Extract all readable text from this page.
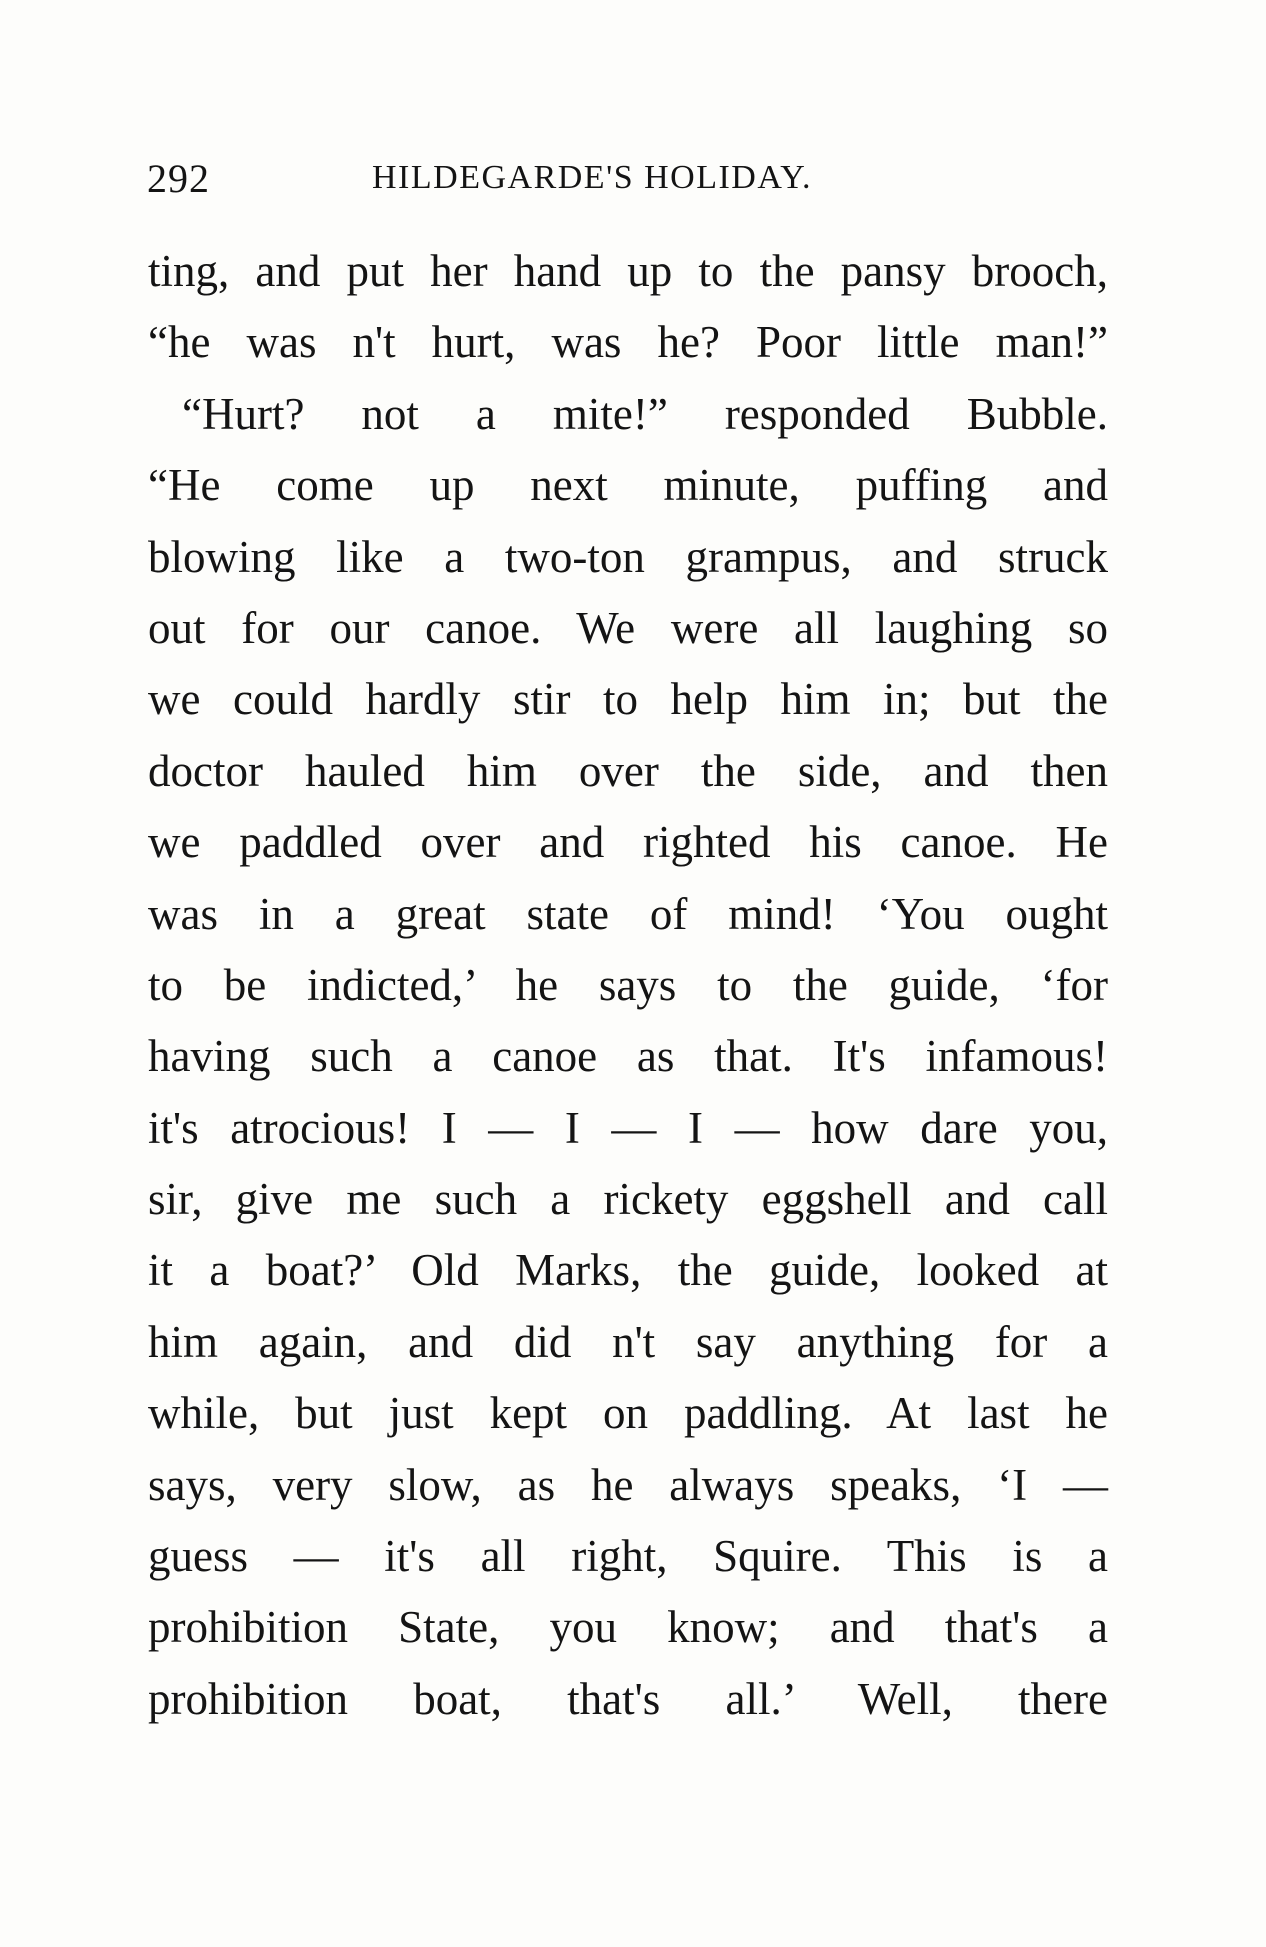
292	HILDEGARDE'S HOLIDAY.
ting, and put her hand up to the pansy brooch,
“he was n't hurt, was he? Poor little man!”
“Hurt? not a mite!” responded Bubble.
“He come up next minute, puffing and
blowing like a two-ton grampus, and struck
out for our canoe. We were all laughing so
we could hardly stir to help him in; but the
doctor hauled him over the side, and then
we paddled over and righted his canoe. He
was in a great state of mind! ‘You ought
to be indicted,’ he says to the guide, ‘for
having such a canoe as that. It's infamous!
it's atrocious! I — I — I — how dare you,
sir, give me such a rickety eggshell and call
it a boat?’ Old Marks, the guide, looked at
him again, and did n't say anything for a
while, but just kept on paddling. At last he
says, very slow, as he always speaks, ‘I —
guess — it's all right, Squire. This is a
prohibition State, you know; and that's a
prohibition boat, that's all.’ Well, there
